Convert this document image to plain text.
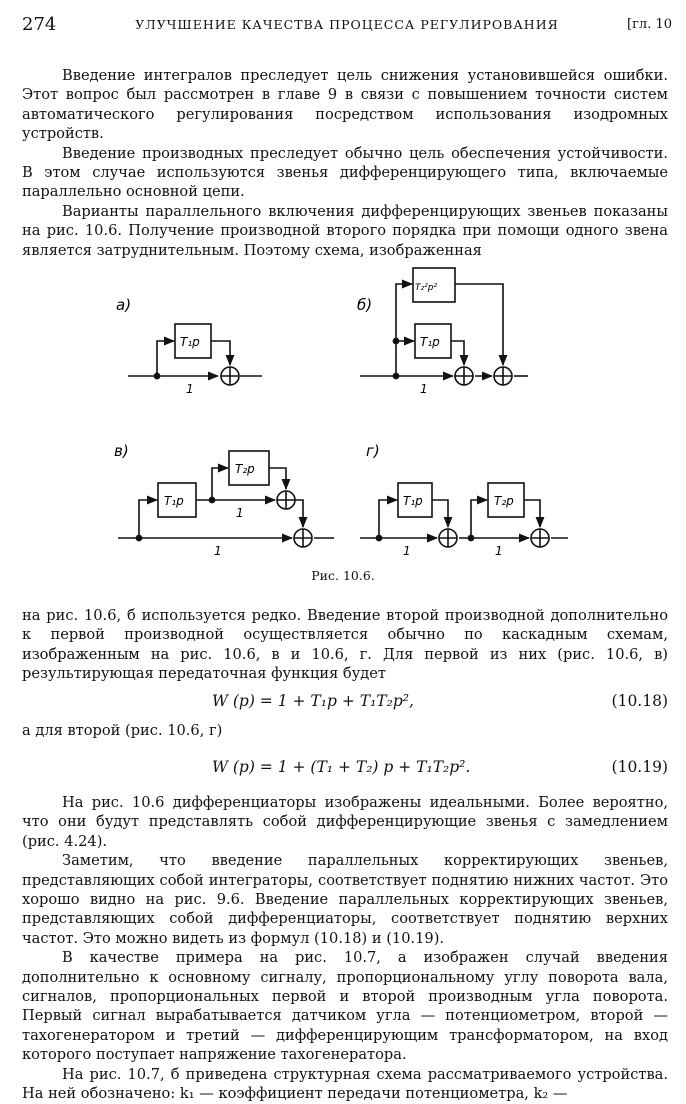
274	УЛУЧШЕНИЕ КАЧЕСТВА ПРОЦЕССА РЕГУЛИРОВАНИЯ	[гл. 10

Введение интегралов преследует цель снижения установившейся ошибки. Этот вопрос был рассмотрен в главе 9 в связи с повышением точности систем автоматического регулирования посредством использования изодромных устройств.

Введение производных преследует обычно цель обеспечения устойчивости. В этом случае используются звенья дифференцирующего типа, включаемые параллельно основной цепи.

Варианты параллельного включения дифференцирующих звеньев показаны на рис. 10.6. Получение производной второго порядка при помощи одного звена является затруднительным. Поэтому схема, изображенная

а)
T₁p
1
б)
T₂²p²
T₁p
1
в)
T₁p
T₂p
1
1
г)
T₁p	T₂p
1	1
Рис. 10.6.

на рис. 10.6, б используется редко. Введение второй производной дополнительно к первой производной осуществляется обычно по каскадным схемам, изображенным на рис. 10.6, в и 10.6, г. Для первой из них (рис. 10.6, в) результирующая передаточная функция будет

W (p) = 1 + T₁p + T₁T₂p²,	(10.18)
а для второй (рис. 10.6, г)
W (p) = 1 + (T₁ + T₂) p + T₁T₂p².	(10.19)

На рис. 10.6 дифференциаторы изображены идеальными. Более вероятно, что они будут представлять собой дифференцирующие звенья с замедлением (рис. 4.24).

Заметим, что введение параллельных корректирующих звеньев, представляющих собой интеграторы, соответствует поднятию нижних частот. Это хорошо видно на рис. 9.6. Введение параллельных корректирующих звеньев, представляющих собой дифференциаторы, соответствует поднятию верхних частот. Это можно видеть из формул (10.18) и (10.19).

В качестве примера на рис. 10.7, а изображен случай введения дополнительно к основному сигналу, пропорциональному углу поворота вала, сигналов, пропорциональных первой и второй производным угла поворота. Первый сигнал вырабатывается датчиком угла — потенциометром, второй — тахогенератором и третий — дифференцирующим трансформатором, на вход которого поступает напряжение тахогенератора.

На рис. 10.7, б приведена структурная схема рассматриваемого устройства. На ней обозначено: k₁ — коэффициент передачи потенциометра, k₂ —
